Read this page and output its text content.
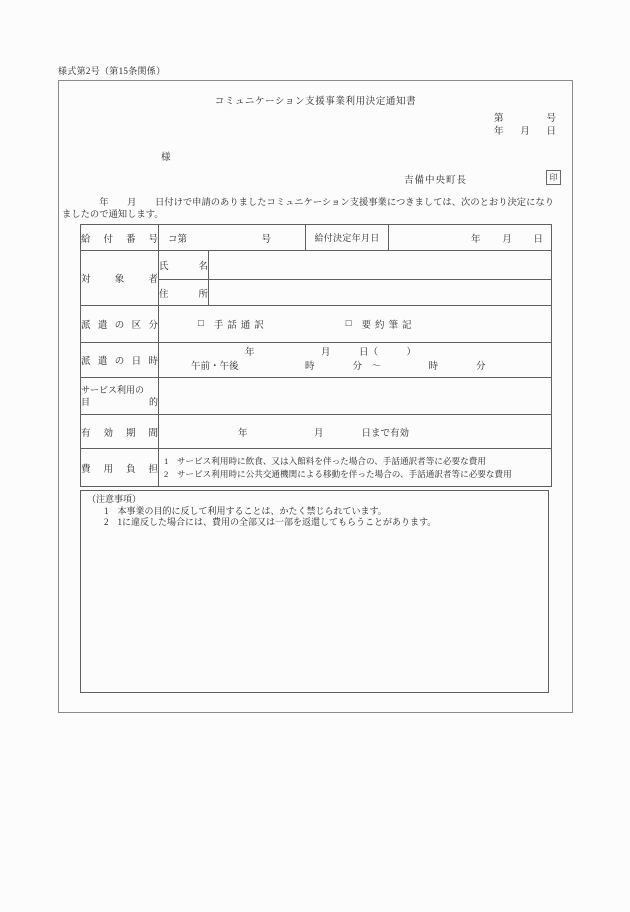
様式第2号（第15条関係）
コミュニケーション支援事業利用決定通知書
第	号
年 月 日
様
吉備中央町長	印
　　　　年　　月　　日付けで申請のありましたコミュニケーション支援事業につきましては、次のとおり決定になり
ましたので通知します。
給付番号	コ第 号		給付決定年月日	年 月 日

対象者	氏名			
	住所			
派遣の区分	□ 手話通訳 □ 要約筆記			

派遣の日時	年　　　　　　　月　　　日（　　　）
午前・午後　　　　　　　時　　　　分　～　　　　　時　　　　分			

サービス利用の
目的				

有効期間	年　　　　　　　月　　　　日まで有効			

費用負担	1　サービス利用時に飲食、又は入館料を伴った場合の、手話通訳者等に必要な費用
2　サービス利用時に公共交通機関による移動を伴った場合の、手話通訳者等に必要な費用			
（注意事項）
1　本事業の目的に反して利用することは、かたく禁じられています。
2　1に違反した場合には、費用の全部又は一部を返還してもらうことがあります。
